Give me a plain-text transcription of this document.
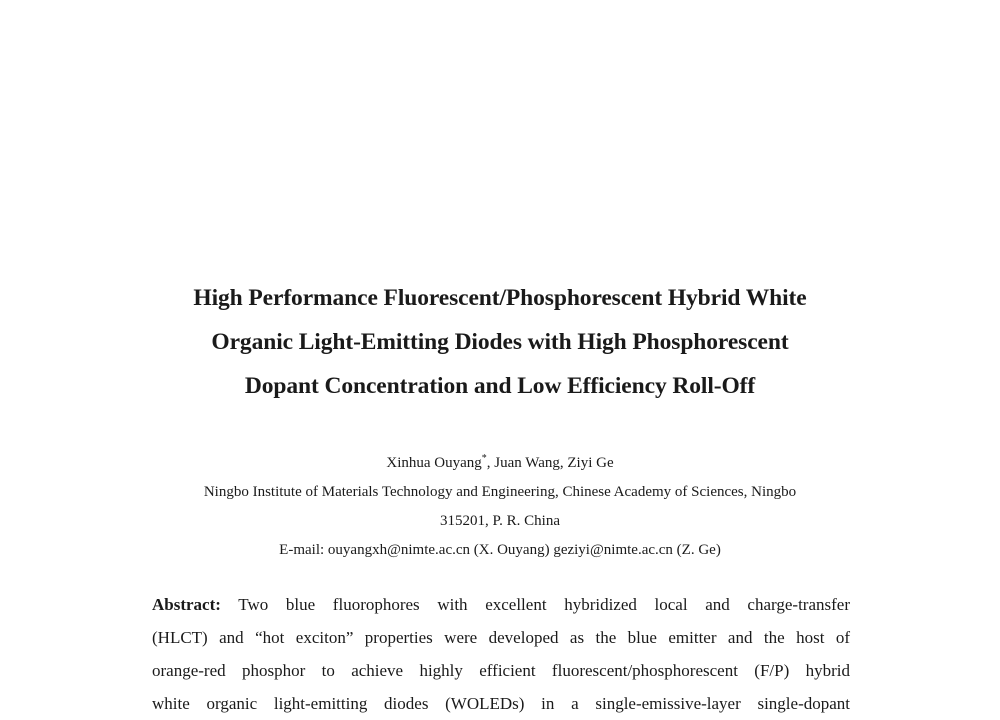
High Performance Fluorescent/Phosphorescent Hybrid White
Organic Light-Emitting Diodes with High Phosphorescent
Dopant Concentration and Low Efficiency Roll-Off
Xinhua Ouyang*, Juan Wang, Ziyi Ge
Ningbo Institute of Materials Technology and Engineering, Chinese Academy of Sciences, Ningbo
315201, P. R. China
E-mail: ouyangxh@nimte.ac.cn (X. Ouyang) geziyi@nimte.ac.cn (Z. Ge)
Abstract: Two blue fluorophores with excellent hybridized local and charge-transfer
(HLCT) and “hot exciton” properties were developed as the blue emitter and the host of
orange-red phosphor to achieve highly efficient fluorescent/phosphorescent (F/P) hybrid
white organic light-emitting diodes (WOLEDs) in a single-emissive-layer single-dopant
